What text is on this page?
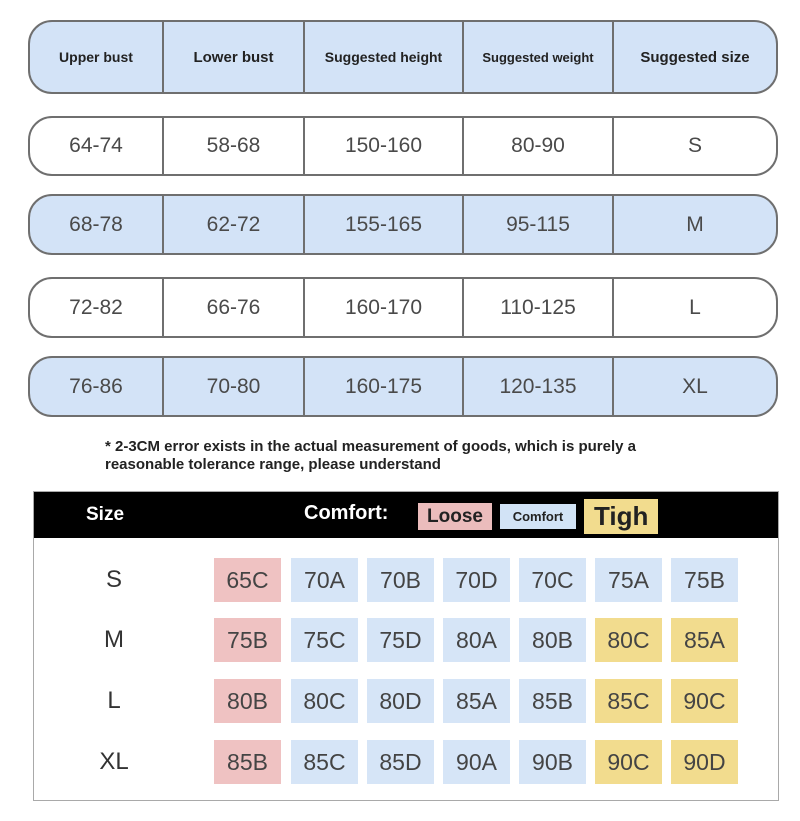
Upper bust	Lower bust	Suggested height	Suggested weight	Suggested size
64-74	58-68	150-160	80-90	S
68-78	62-72	155-165	95-115	M
72-82	66-76	160-170	110-125	L
76-86	70-80	160-175	120-135	XL
* 2-3CM error exists in the actual measurement of goods, which is purely a
reasonable tolerance range, please understand
Size	Comfort:	Loose	Comfort	Tigh
S	65C	70A	70B	70D	70C	75A	75B
M	75B	75C	75D	80A	80B	80C	85A
L	80B	80C	80D	85A	85B	85C	90C
XL	85B	85C	85D	90A	90B	90C	90D
